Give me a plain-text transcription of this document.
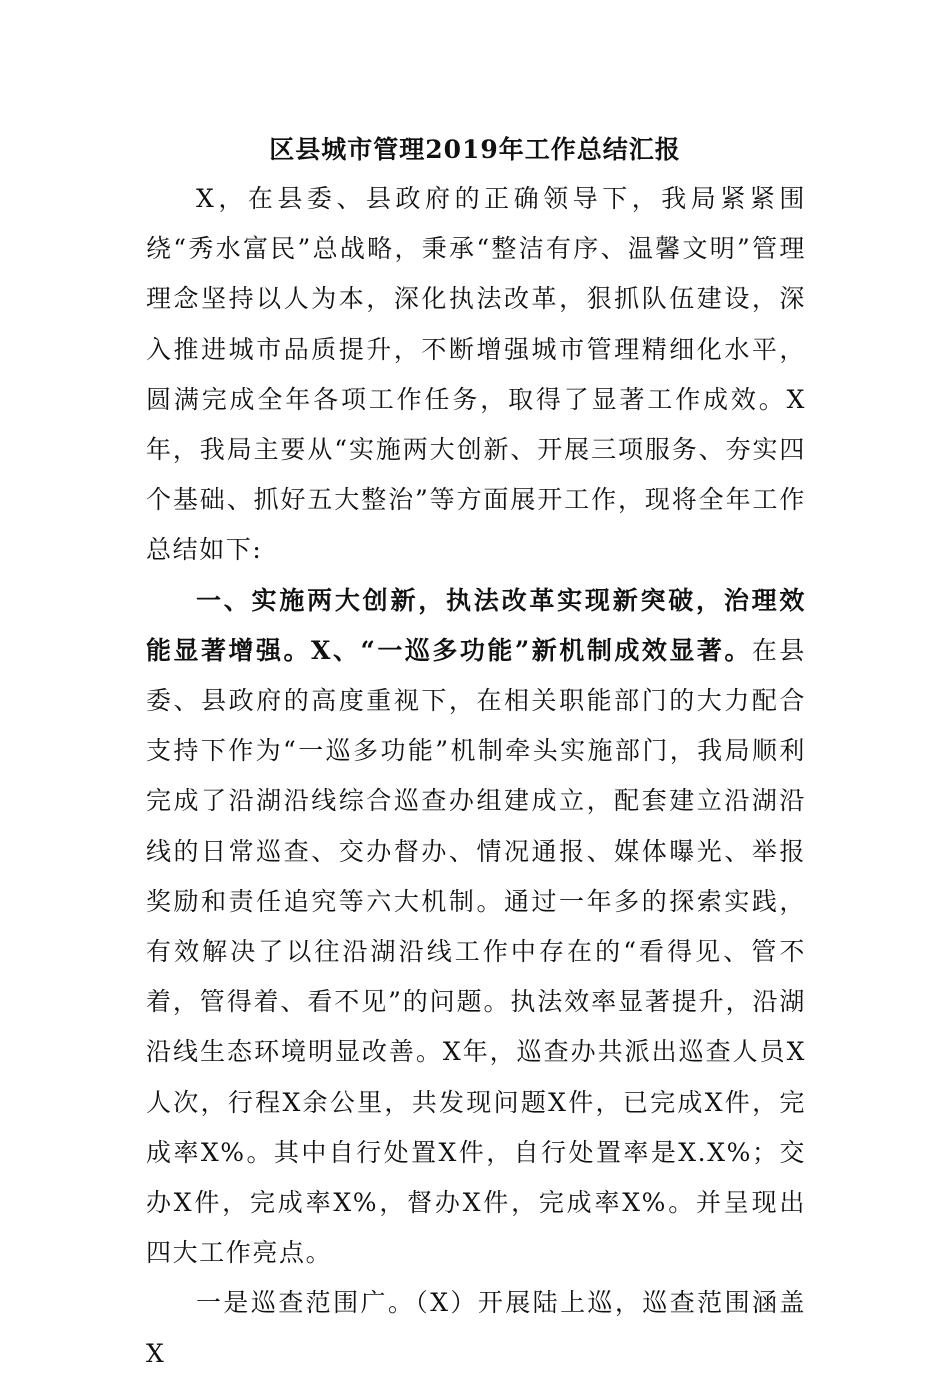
区县城市管理2019年工作总结汇报

X，在县委、县政府的正确领导下，我局紧紧围绕“秀水富民”总战略，秉承“整洁有序、温馨文明”管理理念坚持以人为本，深化执法改革，狠抓队伍建设，深入推进城市品质提升，不断增强城市管理精细化水平，圆满完成全年各项工作任务，取得了显著工作成效。X年，我局主要从“实施两大创新、开展三项服务、夯实四个基础、抓好五大整治”等方面展开工作，现将全年工作总结如下:

一、实施两大创新，执法改革实现新突破，治理效能显著增强。X、“一巡多功能”新机制成效显著。在县委、县政府的高度重视下，在相关职能部门的大力配合支持下作为“一巡多功能”机制牵头实施部门，我局顺利完成了沿湖沿线综合巡查办组建成立，配套建立沿湖沿线的日常巡查、交办督办、情况通报、媒体曝光、举报奖励和责任追究等六大机制。通过一年多的探索实践，有效解决了以往沿湖沿线工作中存在的“看得见、管不着，管得着、看不见”的问题。执法效率显著提升，沿湖沿线生态环境明显改善。X年，巡查办共派出巡查人员X人次，行程X余公里，共发现问题X件，已完成X件，完成率X%。其中自行处置X件，自行处置率是X.X%；交办X件，完成率X%，督办X件，完成率X%。并呈现出四大工作亮点。

一是巡查范围广。（X）开展陆上巡，巡查范围涵盖X
